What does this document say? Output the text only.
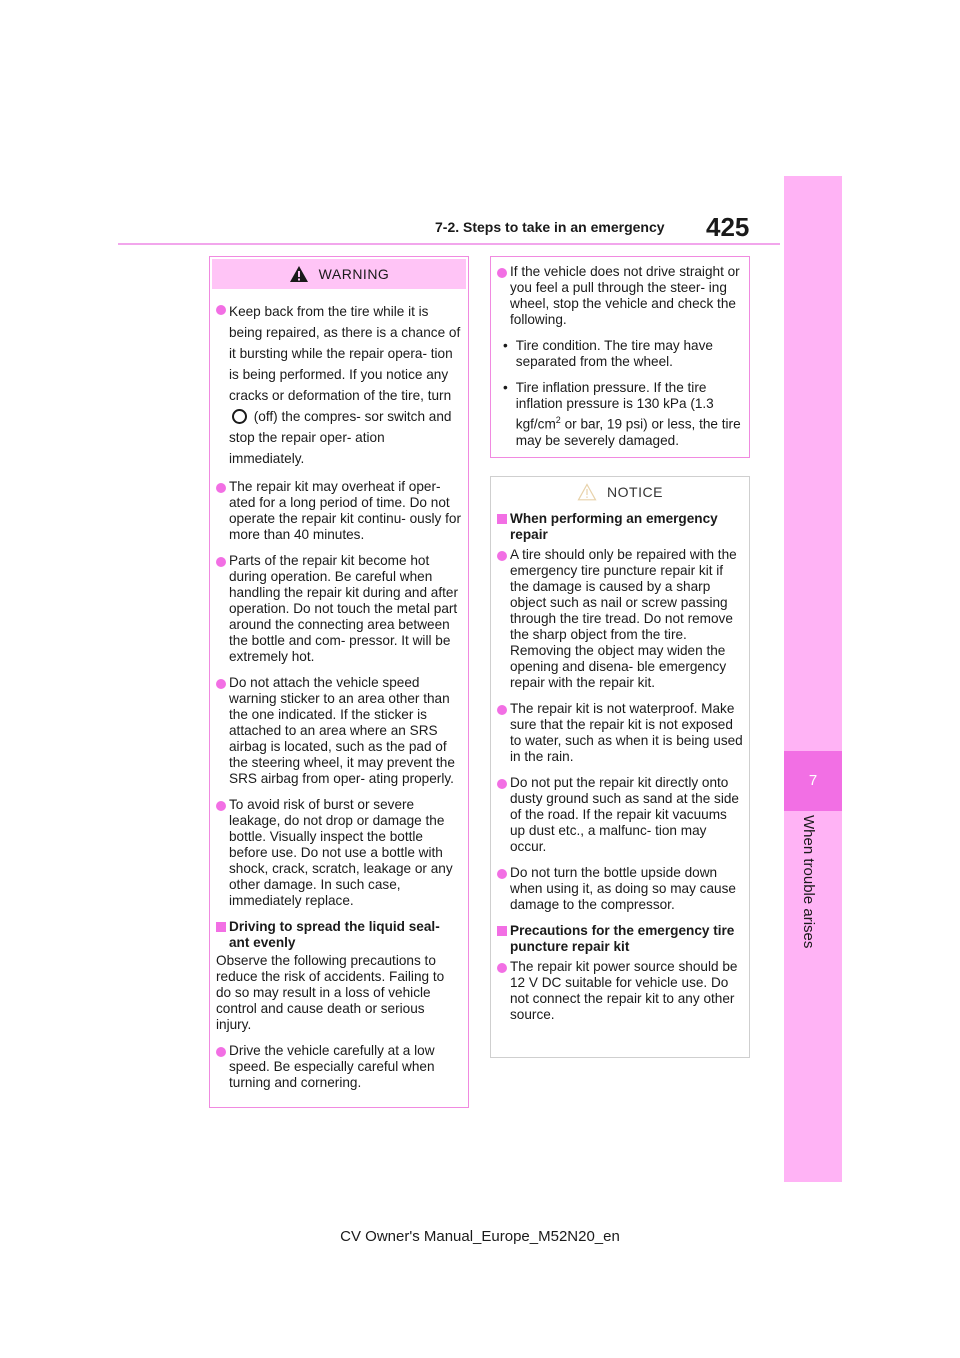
7-2. Steps to take in an emergency 425
7
When trouble arises
WARNING
Keep back from the tire while it is being repaired, as there is a chance of it bursting while the repair opera- tion is being performed. If you notice any cracks or deformation of the tire, turn  (off) the compres- sor switch and stop the repair oper- ation immediately.
The repair kit may overheat if oper- ated for a long period of time. Do not operate the repair kit continu- ously for more than 40 minutes.
Parts of the repair kit become hot during operation. Be careful when handling the repair kit during and after operation. Do not touch the metal part around the connecting area between the bottle and com- pressor. It will be extremely hot.
Do not attach the vehicle speed warning sticker to an area other than the one indicated. If the sticker is attached to an area where an SRS airbag is located, such as the pad of the steering wheel, it may prevent the SRS airbag from oper- ating properly.
To avoid risk of burst or severe leakage, do not drop or damage the bottle. Visually inspect the bottle before use. Do not use a bottle with shock, crack, scratch, leakage or any other damage. In such case, immediately replace.
Driving to spread the liquid seal- ant evenly
Observe the following precautions to reduce the risk of accidents. Failing to do so may result in a loss of vehicle control and cause death or serious injury.
Drive the vehicle carefully at a low speed. Be especially careful when turning and cornering.
If the vehicle does not drive straight or you feel a pull through the steer- ing wheel, stop the vehicle and check the following.
• Tire condition. The tire may have separated from the wheel.
• Tire inflation pressure. If the tire inflation pressure is 130 kPa (1.3 kgf/$cm^2$ or bar, 19 psi) or less, the tire may be severely damaged.
NOTICE
When performing an emergency repair
A tire should only be repaired with the emergency tire puncture repair kit if the damage is caused by a sharp object such as nail or screw passing through the tire tread. Do not remove the sharp object from the tire. Removing the object may widen the opening and disena- ble emergency repair with the repair kit.
The repair kit is not waterproof. Make sure that the repair kit is not exposed to water, such as when it is being used in the rain.
Do not put the repair kit directly onto dusty ground such as sand at the side of the road. If the repair kit vacuums up dust etc., a malfunc- tion may occur.
Do not turn the bottle upside down when using it, as doing so may cause damage to the compressor.
Precautions for the emergency tire puncture repair kit
The repair kit power source should be 12 V DC suitable for vehicle use. Do not connect the repair kit to any other source.
CV Owner's Manual_Europe_M52N20_en
